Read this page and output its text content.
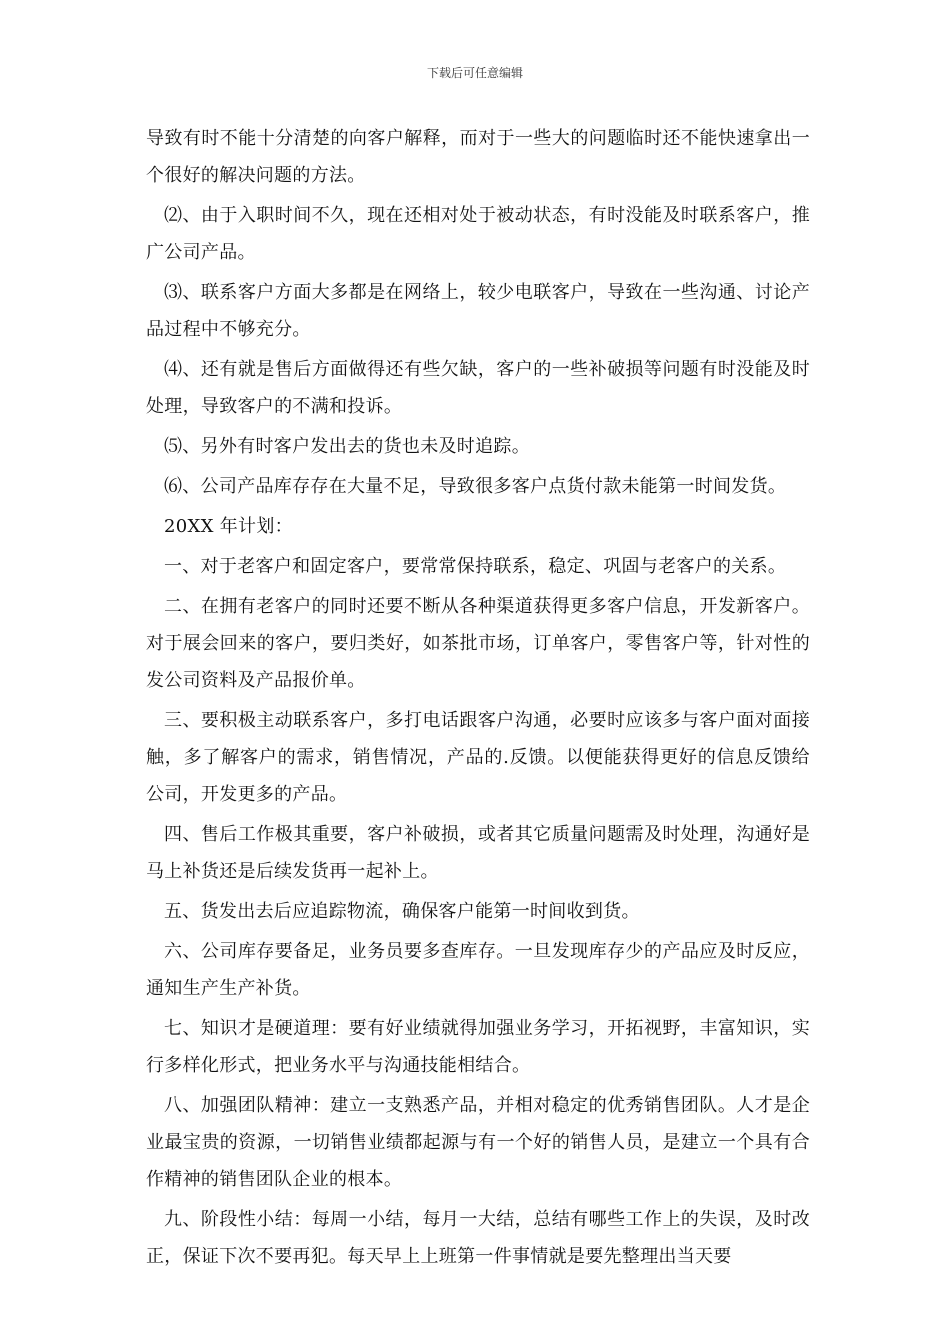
下载后可任意编辑

导致有时不能十分清楚的向客户解释，而对于一些大的问题临时还不能快速拿出一个很好的解决问题的方法。

⑵、由于入职时间不久，现在还相对处于被动状态，有时没能及时联系客户，推广公司产品。

⑶、联系客户方面大多都是在网络上，较少电联客户，导致在一些沟通、讨论产品过程中不够充分。

⑷、还有就是售后方面做得还有些欠缺，客户的一些补破损等问题有时没能及时处理，导致客户的不满和投诉。

⑸、另外有时客户发出去的货也未及时追踪。

⑹、公司产品库存存在大量不足，导致很多客户点货付款未能第一时间发货。

20XX 年计划：

一、对于老客户和固定客户，要常常保持联系，稳定、巩固与老客户的关系。

二、在拥有老客户的同时还要不断从各种渠道获得更多客户信息，开发新客户。对于展会回来的客户，要归类好，如茶批市场，订单客户，零售客户等，针对性的发公司资料及产品报价单。

三、要积极主动联系客户，多打电话跟客户沟通，必要时应该多与客户面对面接触，多了解客户的需求，销售情况，产品的.反馈。以便能获得更好的信息反馈给公司，开发更多的产品。

四、售后工作极其重要，客户补破损，或者其它质量问题需及时处理，沟通好是马上补货还是后续发货再一起补上。

五、货发出去后应追踪物流，确保客户能第一时间收到货。

六、公司库存要备足，业务员要多查库存。一旦发现库存少的产品应及时反应，通知生产生产补货。

七、知识才是硬道理：要有好业绩就得加强业务学习，开拓视野，丰富知识，实行多样化形式，把业务水平与沟通技能相结合。

八、加强团队精神：建立一支熟悉产品，并相对稳定的优秀销售团队。人才是企业最宝贵的资源，一切销售业绩都起源与有一个好的销售人员，是建立一个具有合作精神的销售团队企业的根本。

九、阶段性小结：每周一小结，每月一大结，总结有哪些工作上的失误，及时改正，保证下次不要再犯。每天早上上班第一件事情就是要先整理出当天要
